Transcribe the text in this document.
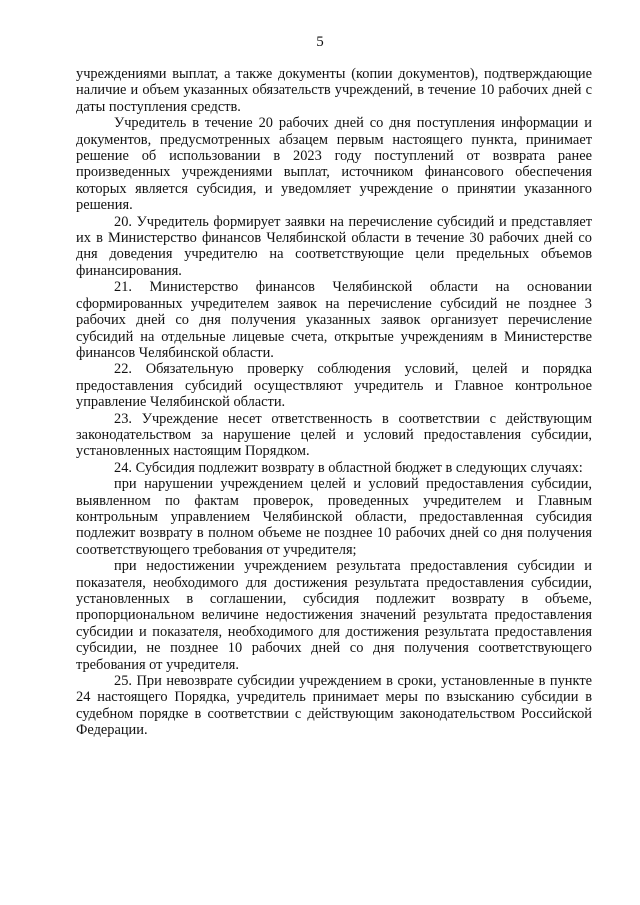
5

учреждениями выплат, а также документы (копии документов), подтверждающие наличие и объем указанных обязательств учреждений, в течение 10 рабочих дней с даты поступления средств.

Учредитель в течение 20 рабочих дней со дня поступления информации и документов, предусмотренных абзацем первым настоящего пункта, принимает решение об использовании в 2023 году поступлений от возврата ранее произведенных учреждениями выплат, источником финансового обеспечения которых является субсидия, и уведомляет учреждение о принятии указанного решения.

20. Учредитель формирует заявки на перечисление субсидий и представляет их в Министерство финансов Челябинской области в течение 30 рабочих дней со дня доведения учредителю на соответствующие цели предельных объемов финансирования.

21. Министерство финансов Челябинской области на основании сформированных учредителем заявок на перечисление субсидий не позднее 3 рабочих дней со дня получения указанных заявок организует перечисление субсидий на отдельные лицевые счета, открытые учреждениям в Министерстве финансов Челябинской области.

22. Обязательную проверку соблюдения условий, целей и порядка предоставления субсидий осуществляют учредитель и Главное контрольное управление Челябинской области.

23. Учреждение несет ответственность в соответствии с действующим законодательством за нарушение целей и условий предоставления субсидии, установленных настоящим Порядком.

24. Субсидия подлежит возврату в областной бюджет в следующих случаях:

при нарушении учреждением целей и условий предоставления субсидии, выявленном по фактам проверок, проведенных учредителем и Главным контрольным управлением Челябинской области, предоставленная субсидия подлежит возврату в полном объеме не позднее 10 рабочих дней со дня получения соответствующего требования от учредителя;

при недостижении учреждением результата предоставления субсидии и показателя, необходимого для достижения результата предоставления субсидии, установленных в соглашении, субсидия подлежит возврату в объеме, пропорциональном величине недостижения значений результата предоставления субсидии и показателя, необходимого для достижения результата предоставления субсидии, не позднее 10 рабочих дней со дня получения соответствующего требования от учредителя.

25. При невозврате субсидии учреждением в сроки, установленные в пункте 24 настоящего Порядка, учредитель принимает меры по взысканию субсидии в судебном порядке в соответствии с действующим законодательством Российской Федерации.
